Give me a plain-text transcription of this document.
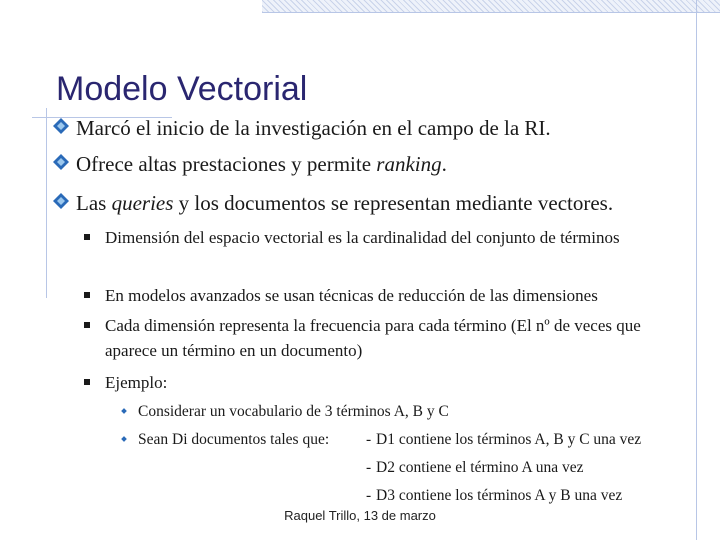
Modelo Vectorial
Marcó el inicio de la investigación en el campo de la RI.
Ofrece altas prestaciones y permite ranking.
Las queries y los documentos se representan mediante vectores.
Dimensión del espacio vectorial es la cardinalidad del conjunto de términos
En modelos avanzados se usan técnicas de reducción de las dimensiones
Cada dimensión representa la frecuencia para cada término (El nº de veces que aparece un término en un documento)
Ejemplo:
Considerar un vocabulario de 3 términos A, B y C
Sean Di documentos tales que: - D1 contiene los términos A, B y C una vez
- D2 contiene el término A una vez
- D3 contiene los términos A y B una vez
Raquel Trillo, 13 de marzo
